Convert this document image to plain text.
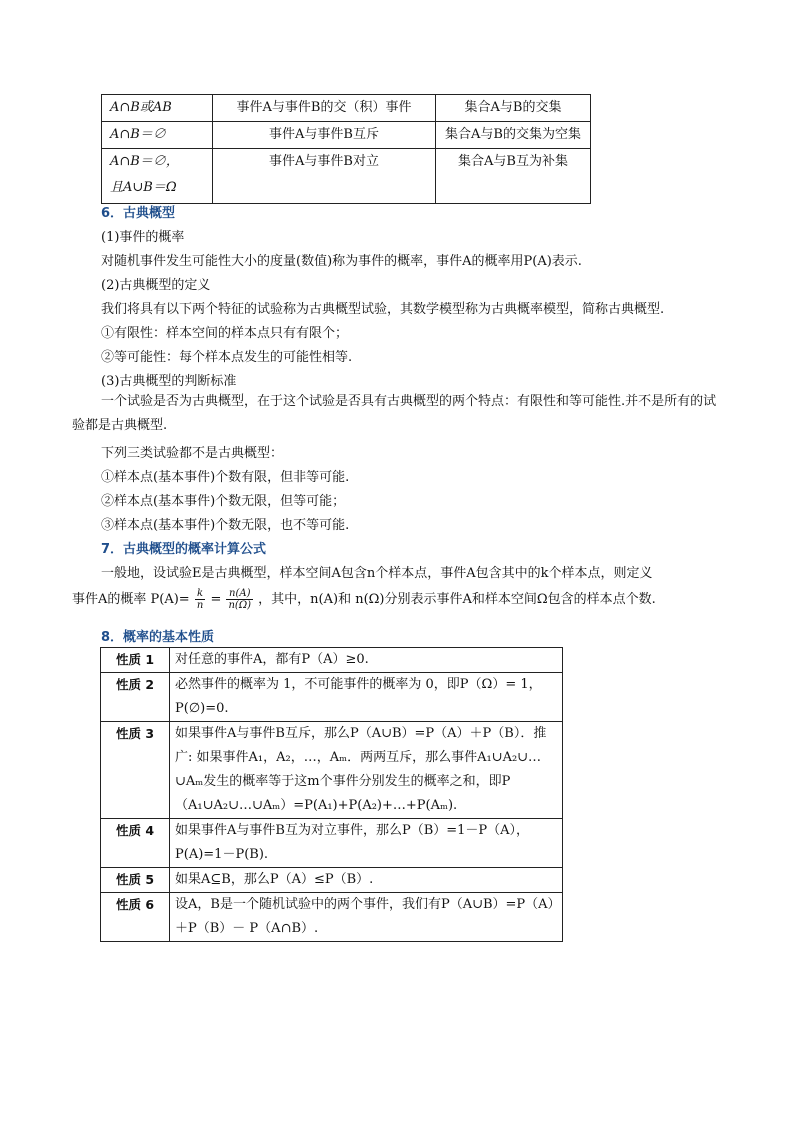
A∩B或AB	事件A与事件B的交（积）事件	集合A与B的交集
A∩B＝∅	事件A与事件B互斥	集合A与B的交集为空集

A∩B＝∅，
且A∪B＝Ω	事件A与事件B对立	集合A与B互为补集
6．古典概型
(1)事件的概率
对随机事件发生可能性大小的度量(数值)称为事件的概率，事件A的概率用P(A)表示.
(2)古典概型的定义
我们将具有以下两个特征的试验称为古典概型试验，其数学模型称为古典概率模型，简称古典概型.
①有限性：样本空间的样本点只有有限个；
②等可能性：每个样本点发生的可能性相等.
(3)古典概型的判断标准
一个试验是否为古典概型，在于这个试验是否具有古典概型的两个特点：有限性和等可能性.并不是所有的试验都是古典概型.
下列三类试验都不是古典概型：
①样本点(基本事件)个数有限，但非等可能.
②样本点(基本事件)个数无限，但等可能；
③样本点(基本事件)个数无限，也不等可能.
7．古典概型的概率计算公式
一般地，设试验E是古典概型，样本空间A包含n个样本点，事件A包含其中的k个样本点，则定义
事件A的概率 $P(A)= \frac{k}{n} = \frac{n(A)}{n(\Omega)}$ ，其中，n(A)和 n(Ω)分别表示事件A和样本空间Ω包含的样本点个数.
8．概率的基本性质
性质 1	对任意的事件A，都有P（A）≥0.
性质 2	必然事件的概率为 1，不可能事件的概率为 0，即P（Ω）= 1，P(∅)=0.
性质 3	如果事件A与事件B互斥，那么P（A∪B）=P（A）＋P（B）．推广: 如果事件A₁，A₂，…，Aₘ．两两互斥，那么事件A₁∪A₂∪…∪Aₘ发生的概率等于这m个事件分别发生的概率之和，即P（A₁∪A₂∪…∪Aₘ）=P(A₁)+P(A₂)+…+P(Aₘ).
性质 4	如果事件A与事件B互为对立事件，那么P（B）=1－P（A），P(A)=1－P(B).
性质 5	如果A⊆B，那么P（A）≤P（B）.
性质 6	设A，B是一个随机试验中的两个事件，我们有P（A∪B）=P（A）＋P（B）－ P（A∩B）.
